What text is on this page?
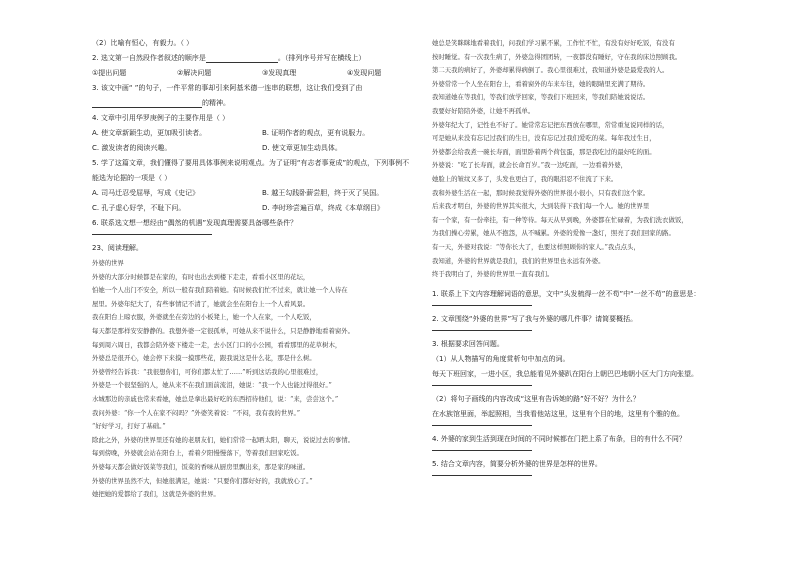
（2）比喻有恒心，有毅力。（ ）
2. 选文第一自然段作者叙述的顺序是	。（排列序号并写在横线上）
①提出问题	②解决问题	③发现真理	④发现问题
3. 该文中画“ ”的句子，一件平常的事却引来阿基米德一连串的联想，这让我们受到了由
的精神。
4. 文章中引用华罗庚例子的主要作用是（ ）
A. 使文章新颖生动，更加吸引读者。	B. 证明作者的观点，更有说服力。
C. 激发读者的阅读兴趣。	D. 使文章更加生动具体。
5. 学了这篇文章，我们懂得了要用具体事例来说明观点。为了证明“有志者事竟成”的观点，下列事例不
能选为论据的一项是（ ）
A. 司马迁忍受屈辱，写成《史记》	B. 越王勾践卧薪尝胆，终于灭了吴国。
C. 孔子虚心好学，不耻下问。	D. 李时珍尝遍百草，终成《本草纲目》
6. 联系选文想一想经由“偶然的机遇”发现真理需要具备哪些条件？
23、阅读理解。
外婆的世界
外婆的大部分时候都是在家的，有时也出去到楼下走走，看看小区里的花坛，
怕她一个人出门不安全，所以一般有我们陪着她。有时候我们忙不过来，就让她一个人待在
屋里。外婆年纪大了，有些事情记不清了，她就会坐在阳台上一个人看风景。
我在阳台上晾衣服，外婆就坐在旁边的小板凳上，她一个人在家，一个人吃饭，
每天都是那样安安静静的。我想外婆一定很孤单，可她从来不说什么，只是静静地看着窗外。
每到周六周日，我都会陪外婆下楼走一走，去小区门口的小公园，看看那里的花草树木，
外婆总是很开心，她会停下来摸一摸那些花，跟我说这是什么花，那是什么树。
外婆曾经告诉我：“我很想你们，可你们都太忙了……”听到这话我的心里很难过，
外婆是一个很坚强的人，她从来不在我们面前流泪，她说：“我一个人也能过得很好。”
水城那边的亲戚也常来看她，她总是拿出最好吃的东西招待他们，说：“来，尝尝这个。”
我问外婆：“你一个人在家不闷吗？”外婆笑着说：“不闷，我有我的世界。”
“好好学习，打好了基础。”
除此之外，外婆的世界里还有她的老朋友们，她们常常一起晒太阳，聊天，说说过去的事情。
每到傍晚，外婆就会站在阳台上，看着夕阳慢慢落下，等着我们回家吃饭。
外婆每天都会做好饭菜等我们，饭菜的香味从厨房里飘出来，那是家的味道。
外婆的世界虽然不大，但她很满足，她说：“只要你们都好好的，我就放心了。”
她把她的爱都给了我们，这就是外婆的世界。
她总是笑眯眯地看着我们，问我们学习累不累，工作忙不忙，有没有好好吃饭，有没有
按时睡觉。有一次我生病了，外婆急得团团转，一夜都没有睡好，守在我的床边照顾我。
第二天我的病好了，外婆却累得病倒了。我心里很难过，我知道外婆是最爱我的人。
外婆常常一个人坐在阳台上，看着窗外的车来车往，她的眼睛里充满了期待。
我知道她在等我们，等我们放学回家，等我们下班回来，等我们陪她说说话。
我要好好陪陪外婆，让她不再孤单。
外婆年纪大了，记性也不好了。她常常忘记把东西放在哪里，常常重复说同样的话，
可是她从来没有忘记过我们的生日，没有忘记过我们爱吃的菜。每年我过生日，
外婆都会给我煮一碗长寿面，面里卧着两个荷包蛋，那是我吃过的最好吃的面。
外婆说：“吃了长寿面，就会长命百岁。”我一边吃面，一边看着外婆，
她脸上的皱纹又多了，头发也更白了，我的眼泪忍不住流了下来。
我和外婆生活在一起，那时候我觉得外婆的世界很小很小，只有我们这个家。
后来我才明白，外婆的世界其实很大，大到装得下我们每一个人。她的世界里
有一个家，有一份牵挂，有一种等待。每天从早到晚，外婆都在忙碌着，为我们洗衣做饭，
为我们操心劳累，她从不抱怨，从不喊累。外婆的爱像一盏灯，照亮了我们回家的路。
有一天，外婆对我说：“等你长大了，也要这样照顾你的家人。”我点点头，
我知道，外婆的世界就是我们，我们的世界里也永远有外婆。
终于我明白了，外婆的世界里一直有我们。
1. 联系上下文内容理解词语的意思，文中“头发梳得一丝不苟”中“一丝不苟”的意思是：
2. 文章围绕“外婆的世界”写了我与外婆的哪几件事？请简要概括。
3. 根据要求回答问题。
（1）从人物描写的角度赏析句中加点的词。
每天下班回家，一进小区，我总能看见外婆趴在阳台上朝巴巴地朝小区大门方向张望。
（2）将句子画线的内容改成“这里有告诉她的路”好不好？为什么？
在水族馆里面，举起照相，当我看他站这里，这里有个目的地，这里有个雅的鱼。
4. 外婆的家到生活到现在时间的不同时候都在门把上系了布条，目的有什么不同？
5. 结合文章内容，简要分析外婆的世界是怎样的世界。
